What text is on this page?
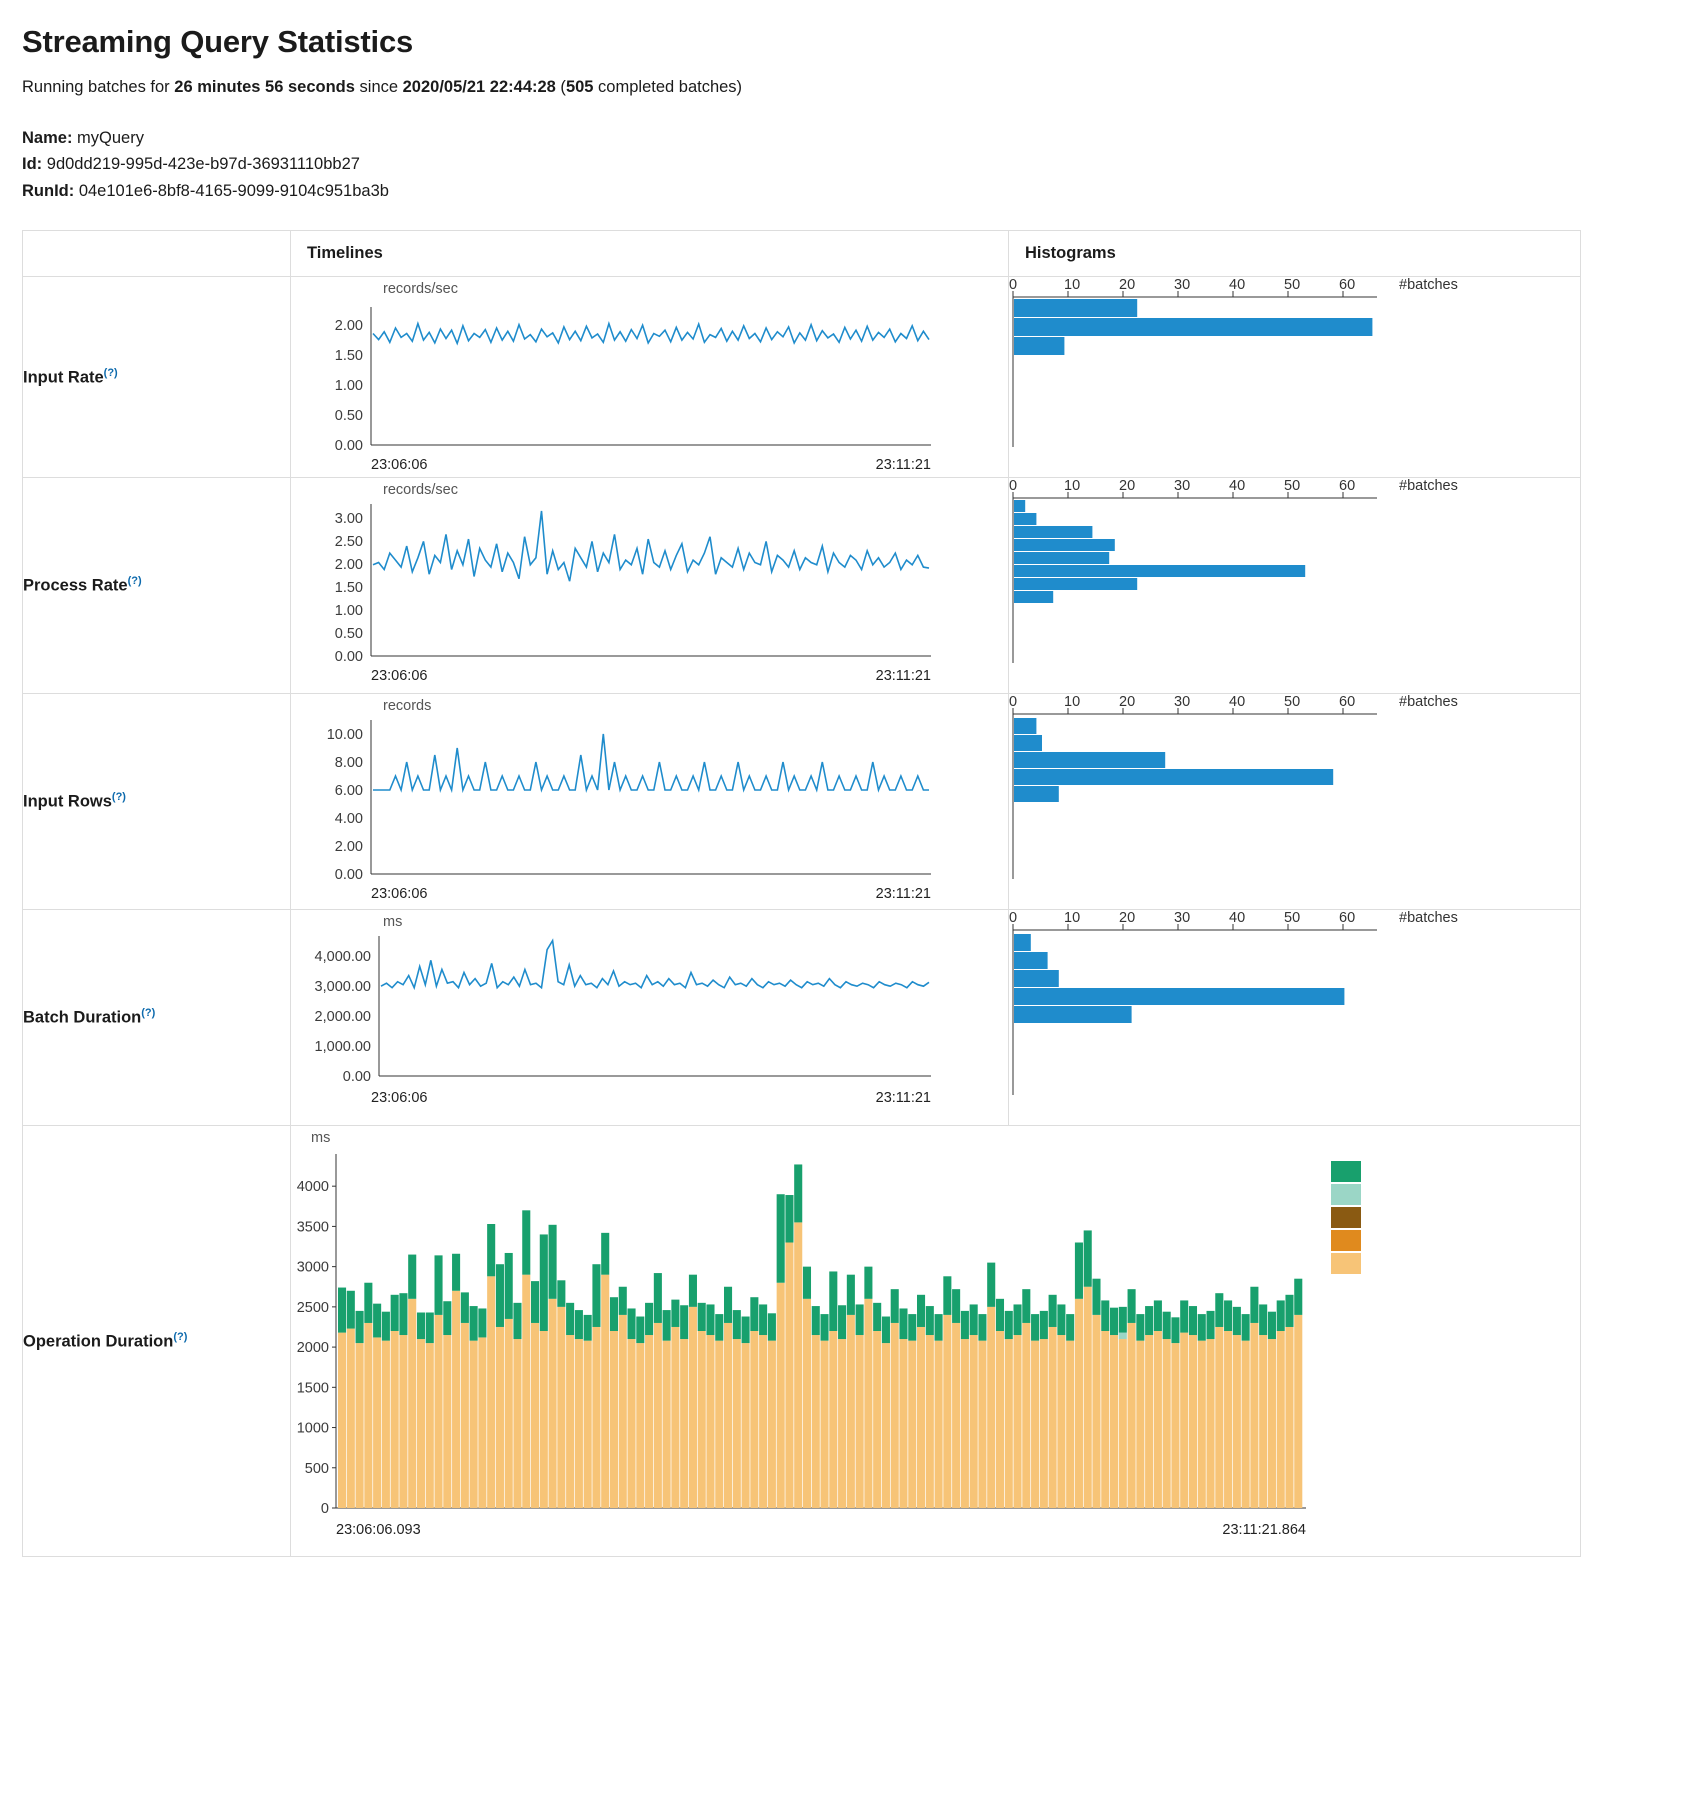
Streaming Query Statistics

Running batches for 26 minutes 56 seconds since 2020/05/21 22:44:28 (505 completed batches)

Name: myQuery
Id: 9d0dd219-995d-423e-b97d-36931110bb27
RunId: 04e101e6-8bf8-4165-9099-9104c951ba3b
	Timelines	Histograms
Input Rate(?)	
records/sec
2.00
1.50
1.00
0.50
0.00
23:06:06	23:11:21

0	10	20	30	40	50	60	#batches

Process Rate(?)	
records/sec
3.00
2.50
2.00
1.50
1.00
0.50
0.00
23:06:06	23:11:21

0	10	20	30	40	50	60	#batches

Input Rows(?)	
records
10.00
8.00
6.00
4.00
2.00
0.00
23:06:06	23:11:21

0	10	20	30	40	50	60	#batches

Batch Duration(?)	
ms
4,000.00
3,000.00
2,000.00
1,000.00
0.00
23:06:06	23:11:21

0	10	20	30	40	50	60	#batches

Operation Duration(?)	
ms
0
500
1000
1500
2000
2500
3000
3500
4000
23:06:06.093	23:11:21.864
